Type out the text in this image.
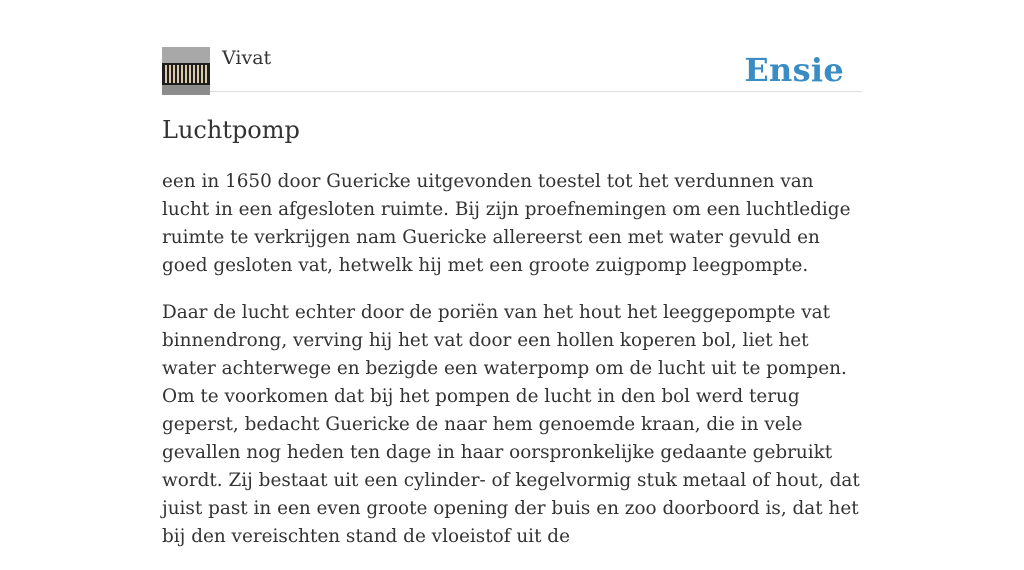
Vivat	Ensie
Luchtpomp

een in 1650 door Guericke uitgevonden toestel tot het verdunnen van lucht in een afgesloten ruimte. Bij zijn proefnemingen om een luchtledige ruimte te verkrijgen nam Guericke allereerst een met water gevuld en goed gesloten vat, hetwelk hij met een groote zuigpomp leegpompte.

Daar de lucht echter door de poriën van het hout het leeggepompte vat binnendrong, verving hij het vat door een hollen koperen bol, liet het water achterwege en bezigde een waterpomp om de lucht uit te pompen. Om te voorkomen dat bij het pompen de lucht in den bol werd terug geperst, bedacht Guericke de naar hem genoemde kraan, die in vele gevallen nog heden ten dage in haar oorspronkelijke gedaante gebruikt wordt. Zij bestaat uit een cylinder- of kegelvormig stuk metaal of hout, dat juist past in een even groote opening der buis en zoo doorboord is, dat het bij den vereischten stand de vloeistof uit de
